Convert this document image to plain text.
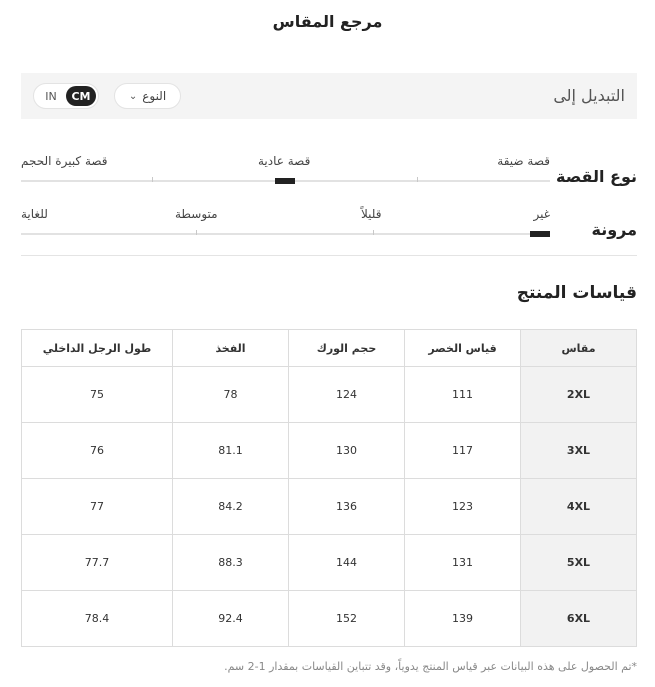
مرجع المقاس
التبديل إلى
النوع
⌄
IN	CM
نوع القصة
قصة ضيقة
قصة عادية
قصة كبيرة الحجم
مرونة
غير
قليلاً
متوسطة
للغاية
قياسات المنتج
مقاس	قياس الخصر	حجم الورك	الفخذ	طول الرجل الداخلي
2XL	111	124	78	75
3XL	117	130	81.1	76
4XL	123	136	84.2	77
5XL	131	144	88.3	77.7
6XL	139	152	92.4	78.4
*تم الحصول على هذه البيانات عبر قياس المنتج يدوياً، وقد تتباين القياسات بمقدار 1-2 سم.
